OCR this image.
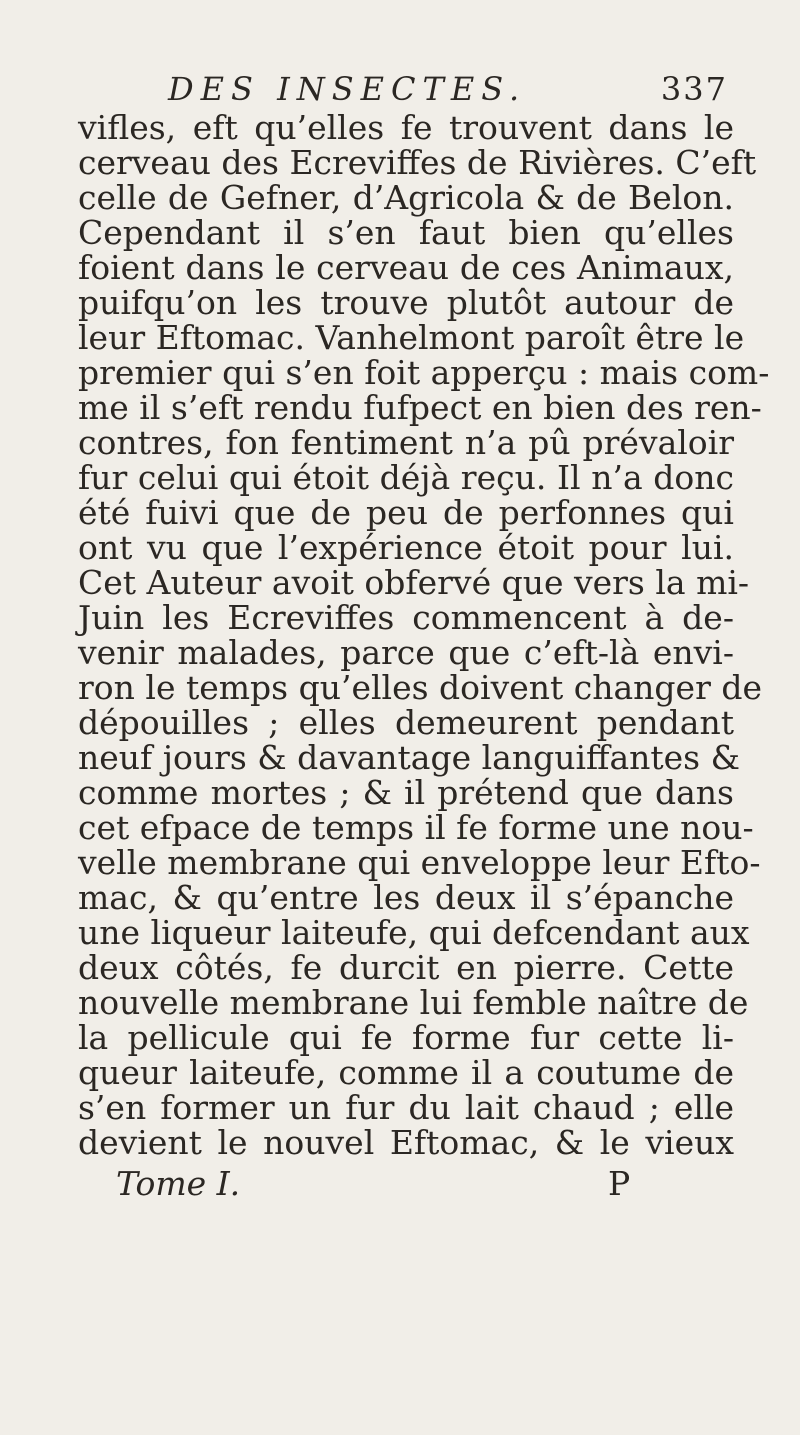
DES INSECTES.	337
vifles, eft qu’elles fe trouvent dans le
cerveau des Ecreviffes de Rivières. C’eft
celle de Gefner, d’Agricola & de Belon.
Cependant il s’en faut bien qu’elles
foient dans le cerveau de ces Animaux,
puifqu’on les trouve plutôt autour de
leur Eftomac. Vanhelmont paroît être le
premier qui s’en foit apperçu : mais com-
me il s’eft rendu fufpect en bien des ren-
contres, fon fentiment n’a pû prévaloir
fur celui qui étoit déjà reçu. Il n’a donc
été fuivi que de peu de perfonnes qui
ont vu que l’expérience étoit pour lui.
Cet Auteur avoit obfervé que vers la mi-
Juin les Ecreviffes commencent à de-
venir malades, parce que c’eft-là envi-
ron le temps qu’elles doivent changer de
dépouilles ; elles demeurent pendant
neuf jours & davantage languiffantes &
comme mortes ; & il prétend que dans
cet efpace de temps il fe forme une nou-
velle membrane qui enveloppe leur Efto-
mac, & qu’entre les deux il s’épanche
une liqueur laiteufe, qui defcendant aux
deux côtés, fe durcit en pierre. Cette
nouvelle membrane lui femble naître de
la pellicule qui fe forme fur cette li-
queur laiteufe, comme il a coutume de
s’en former un fur du lait chaud ; elle
devient le nouvel Eftomac, & le vieux
Tome I.	P
